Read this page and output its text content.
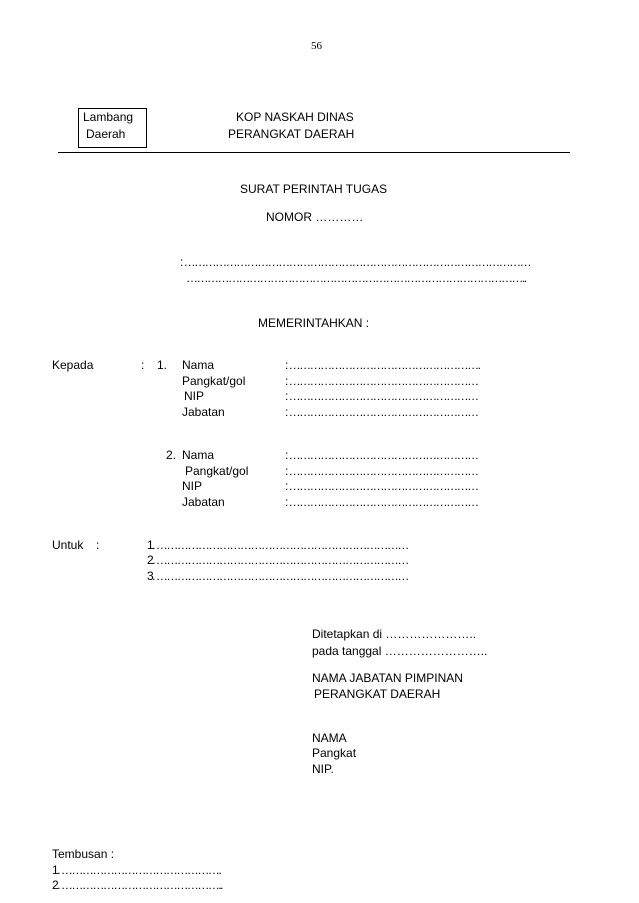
56
Lambang
Daerah
KOP NASKAH DINAS
PERANGKAT DAERAH
SURAT PERINTAH TUGAS
NOMOR …………
: ………………………………………………………………………………………
……………………………………………………………………………………..
MEMERINTAHKAN :
Kepada	: 1. Nama	: ……………………………………………….
Pangkat/gol	: ………………………………………………
NIP	: ………………………………………………
Jabatan	: ………………………………………………
2. Nama	: ………………………………………………
Pangkat/gol	: ………………………………………………
NIP	: ………………………………………………
Jabatan	: ………………………………………………
Untuk :	1. ………………………………………………………………
2. ………………………………………………………………
3. ………………………………………………………………
Ditetapkan di …………………..
pada tanggal ……………………..
NAMA JABATAN PIMPINAN
PERANGKAT DAERAH
NAMA
Pangkat
NIP.
Tembusan :
1. ……………………………………….
2. ………………………………………..
